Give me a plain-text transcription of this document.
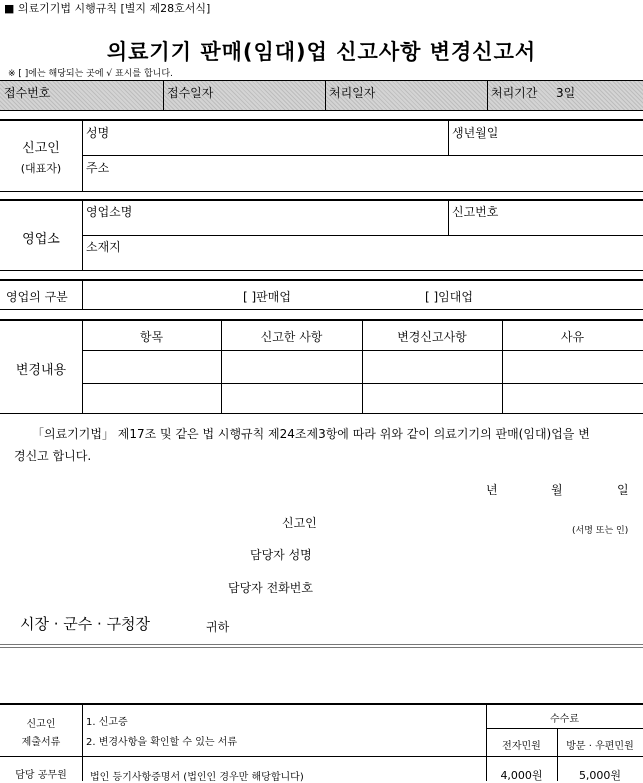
■ 의료기기법 시행규칙 [별지 제28호서식]
의료기기 판매(임대)업 신고사항 변경신고서
※ [ ]에는 해당되는 곳에 √ 표시를 합니다.
접수번호	접수일자	처리일자	처리기간 3일
신고인
(대표자)
성명	생년월일
주소
영업소
영업소명	신고번호
소재지
영업의 구분	[ ]판매업	[ ]임대업
변경내용
항목	신고한 사항	변경신고사항	사유
「의료기기법」 제17조 및 같은 법 시행규칙 제24조제3항에 따라 위와 같이 의료기기의 판매(임대)업을 변
경신고 합니다.
년	월	일
신고인
(서명 또는 인)
담당자 성명
담당자 전화번호
시장 · 군수 · 구청장	귀하
신고인
제출서류
1. 신고증
2. 변경사항을 확인할 수 있는 서류
수수료
전자민원	방문 · 우편민원
담당 공무원	법인 등기사항증명서 (법인인 경우만 해당합니다)	4,000원	5,000원
